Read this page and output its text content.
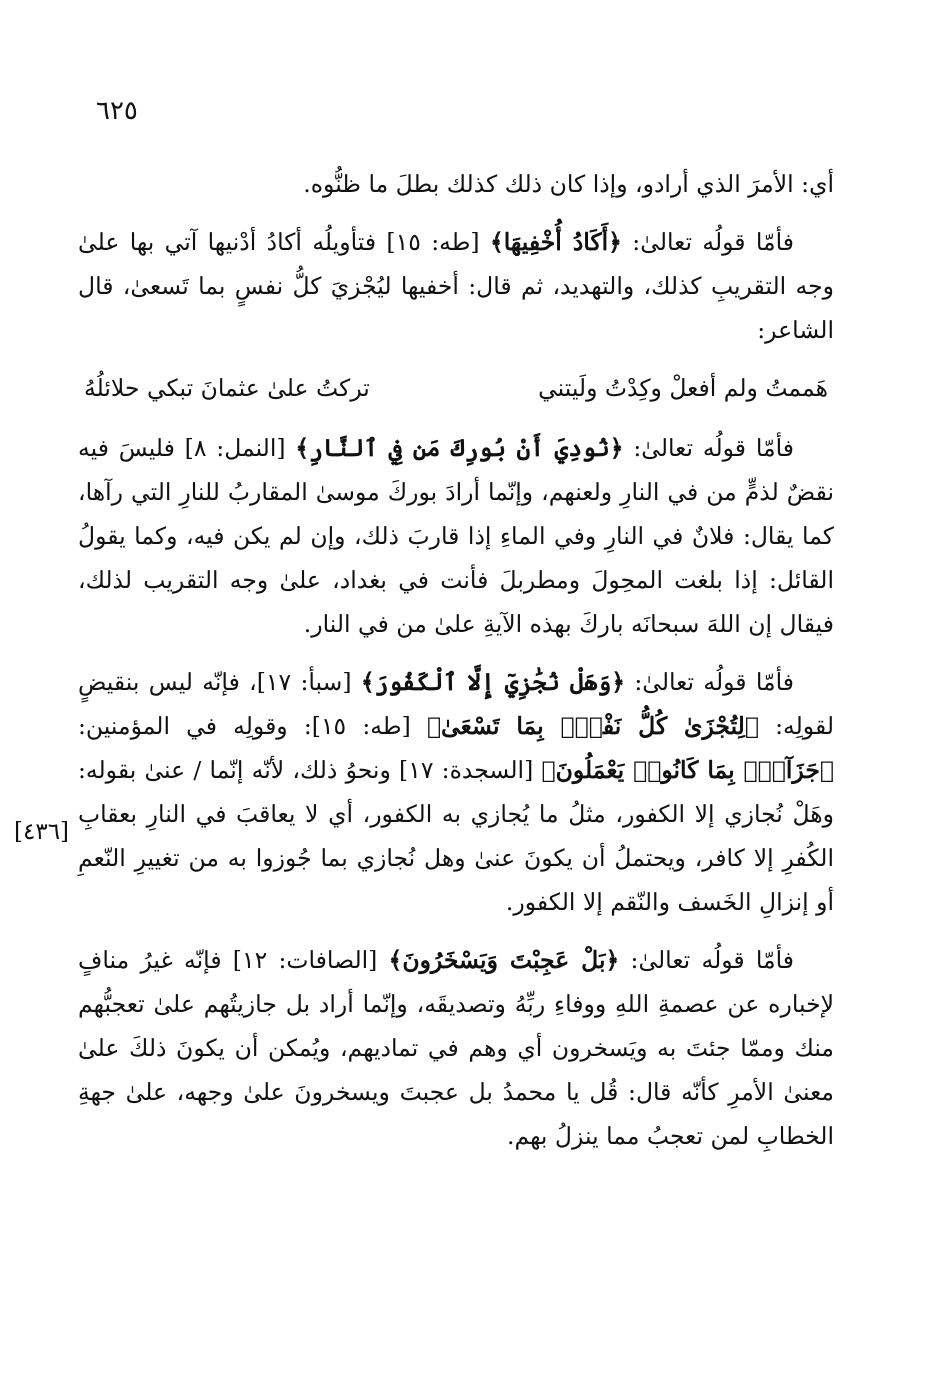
٦٢٥
[٤٣٦]

أي: الأمرَ الذي أرادو، وإذا كان ذلك كذلك بطلَ ما ظنُّوه.

فأمّا قولُه تعالىٰ: ﴿أَكَادُ أُخْفِيهَا﴾ [طه: ١٥] فتأويلُه أكادُ أدْنيها آتي بها علىٰ وجه التقريبِ كذلك، والتهديد، ثم قال: أخفيها ليُجْزيَ كلُّ نفسٍ بما تَسعىٰ، قال الشاعر:

هَممتُ ولم أفعلْ وكِدْتُ ولَيتني
تركتُ علىٰ عثمانَ تبكي حلائلُهُ

فأمّا قولُه تعالىٰ: ﴿نُودِيَ أَنْ بُورِكَ مَن فِي ٱلنَّارِ﴾ [النمل: ٨] فليسَ فيه نقضٌ لذمٍّ من في النارِ ولعنهم، وإنّما أرادَ بوركَ موسىٰ المقاربُ للنارِ التي رآها، كما يقال: فلانٌ في النارِ وفي الماءِ إذا قاربَ ذلك، وإن لم يكن فيه، وكما يقولُ القائل: إذا بلغت المحِولَ ومطربلَ فأنت في بغداد، علىٰ وجه التقريب لذلك، فيقال إن اللهَ سبحانَه باركَ بهذه الآيةِ علىٰ من في النار.

فأمّا قولُه تعالىٰ: ﴿وَهَلْ نُجَٰزِيٓ إِلَّا ٱلْكَفُورَ﴾ [سبأ: ١٧]، فإنّه ليس بنقيضٍ لقولِه: ﴿لِتُجْزَىٰ كُلُّ نَفْسٍۭ بِمَا تَسْعَىٰ﴾ [طه: ١٥]: وقولِه في المؤمنين: ﴿جَزَآءًۢ بِمَا كَانُوا۟ يَعْمَلُونَ﴾ [السجدة: ١٧] ونحوُ ذلك، لأنّه إنّما / عنىٰ بقوله: وهَلْ نُجازي إلا الكفور، مثلُ ما يُجازي به الكفور، أي لا يعاقبَ في النارِ بعقابِ الكُفرِ إلا كافر، ويحتملُ أن يكونَ عنىٰ وهل نُجازي بما جُوزوا به من تغييرِ النّعمِ أو إنزالِ الخَسف والنّقم إلا الكفور.

فأمّا قولُه تعالىٰ: ﴿بَلْ عَجِبْتَ وَيَسْخَرُونَ﴾ [الصافات: ١٢] فإنّه غيرُ منافٍ لإخباره عن عصمةِ اللهِ ووفاءِ ربِّهُ وتصديقَه، وإنّما أراد بل جازيتُهم علىٰ تعجبُّهم منك وممّا جئتَ به ويَسخرون أي وهم في تماديهم، ويُمكن أن يكونَ ذلكَ علىٰ معنىٰ الأمرِ كأنّه قال: قُل يا محمدُ بل عجبتَ ويسخرونَ علىٰ وجهه، علىٰ جهةِ الخطابِ لمن تعجبُ مما ينزلُ بهم.
